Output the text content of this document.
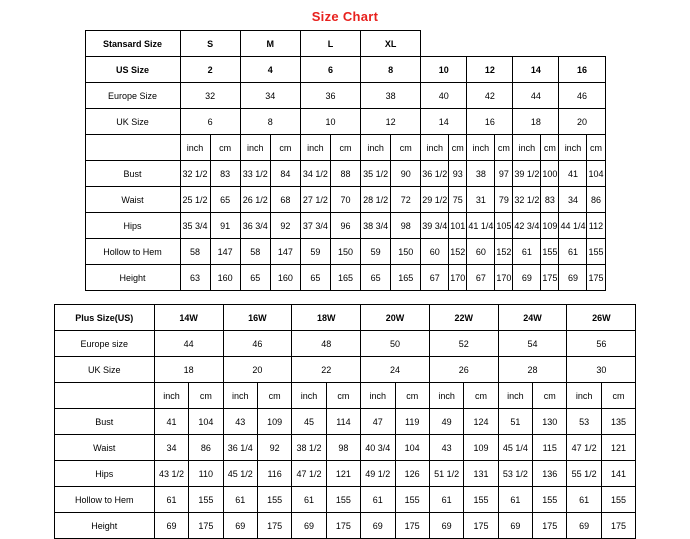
Size Chart
Stansard Size	S		M		L		XL									
US Size	2		4		6		8		10		12		14		16	
Europe Size	32		34		36		38		40		42		44		46	
UK Size	6		8		10		12		14		16		18		20	
	inch	cm	inch	cm	inch	cm	inch	cm	inch	cm	inch	cm	inch	cm	inch	cm
Bust	32 1/2	83	33 1/2	84	34 1/2	88	35 1/2	90	36 1/2	93	38	97	39 1/2	100	41	104
Waist	25 1/2	65	26 1/2	68	27 1/2	70	28 1/2	72	29 1/2	75	31	79	32 1/2	83	34	86
Hips	35 3/4	91	36 3/4	92	37 3/4	96	38 3/4	98	39 3/4	101	41 1/4	105	42 3/4	109	44 1/4	112
Hollow to Hem	58	147	58	147	59	150	59	150	60	152	60	152	61	155	61	155
Height	63	160	65	160	65	165	65	165	67	170	67	170	69	175	69	175
Plus Size(US)	14W		16W		18W		20W		22W		24W		26W	
Europe size	44		46		48		50		52		54		56	
UK Size	18		20		22		24		26		28		30	
	inch	cm	inch	cm	inch	cm	inch	cm	inch	cm	inch	cm	inch	cm
Bust	41	104	43	109	45	114	47	119	49	124	51	130	53	135
Waist	34	86	36 1/4	92	38 1/2	98	40 3/4	104	43	109	45 1/4	115	47 1/2	121
Hips	43 1/2	110	45 1/2	116	47 1/2	121	49 1/2	126	51 1/2	131	53 1/2	136	55 1/2	141
Hollow to Hem	61	155	61	155	61	155	61	155	61	155	61	155	61	155
Height	69	175	69	175	69	175	69	175	69	175	69	175	69	175
